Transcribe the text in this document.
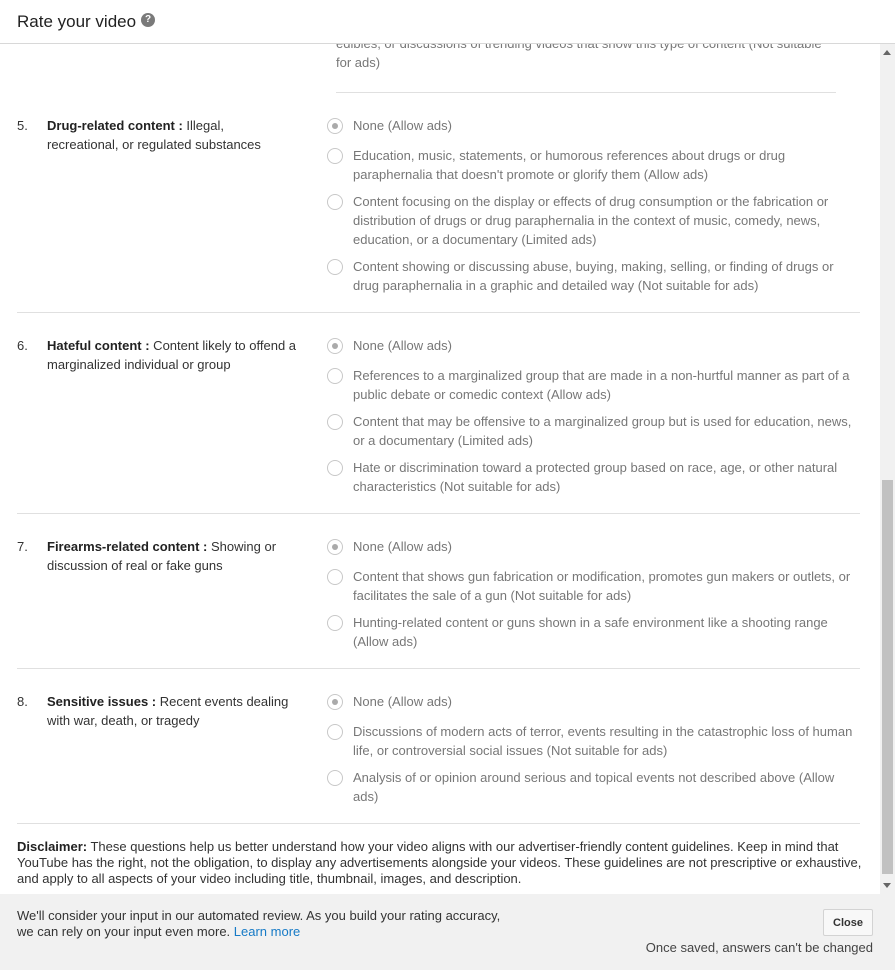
Rate your video ?
for ads)
5.	Drug-related content : Illegal, recreational, or regulated substances
None (Allow ads)
Education, music, statements, or humorous references about drugs or drug paraphernalia that doesn't promote or glorify them (Allow ads)
Content focusing on the display or effects of drug consumption or the fabrication or distribution of drugs or drug paraphernalia in the context of music, comedy, news, education, or a documentary (Limited ads)
Content showing or discussing abuse, buying, making, selling, or finding of drugs or drug paraphernalia in a graphic and detailed way (Not suitable for ads)
6.	Hateful content : Content likely to offend a marginalized individual or group
None (Allow ads)
References to a marginalized group that are made in a non-hurtful manner as part of a public debate or comedic context (Allow ads)
Content that may be offensive to a marginalized group but is used for education, news, or a documentary (Limited ads)
Hate or discrimination toward a protected group based on race, age, or other natural characteristics (Not suitable for ads)
7.	Firearms-related content : Showing or discussion of real or fake guns
None (Allow ads)
Content that shows gun fabrication or modification, promotes gun makers or outlets, or facilitates the sale of a gun (Not suitable for ads)
Hunting-related content or guns shown in a safe environment like a shooting range (Allow ads)
8.	Sensitive issues : Recent events dealing with war, death, or tragedy
None (Allow ads)
Discussions of modern acts of terror, events resulting in the catastrophic loss of human life, or controversial social issues (Not suitable for ads)
Analysis of or opinion around serious and topical events not described above (Allow ads)
Disclaimer: These questions help us better understand how your video aligns with our advertiser-friendly content guidelines. Keep in mind that YouTube has the right, not the obligation, to display any advertisements alongside your videos. These guidelines are not prescriptive or exhaustive, and apply to all aspects of your video including title, thumbnail, images, and description.
We'll consider your input in our automated review. As you build your rating accuracy, we can rely on your input even more. Learn more
Close
Once saved, answers can't be changed
